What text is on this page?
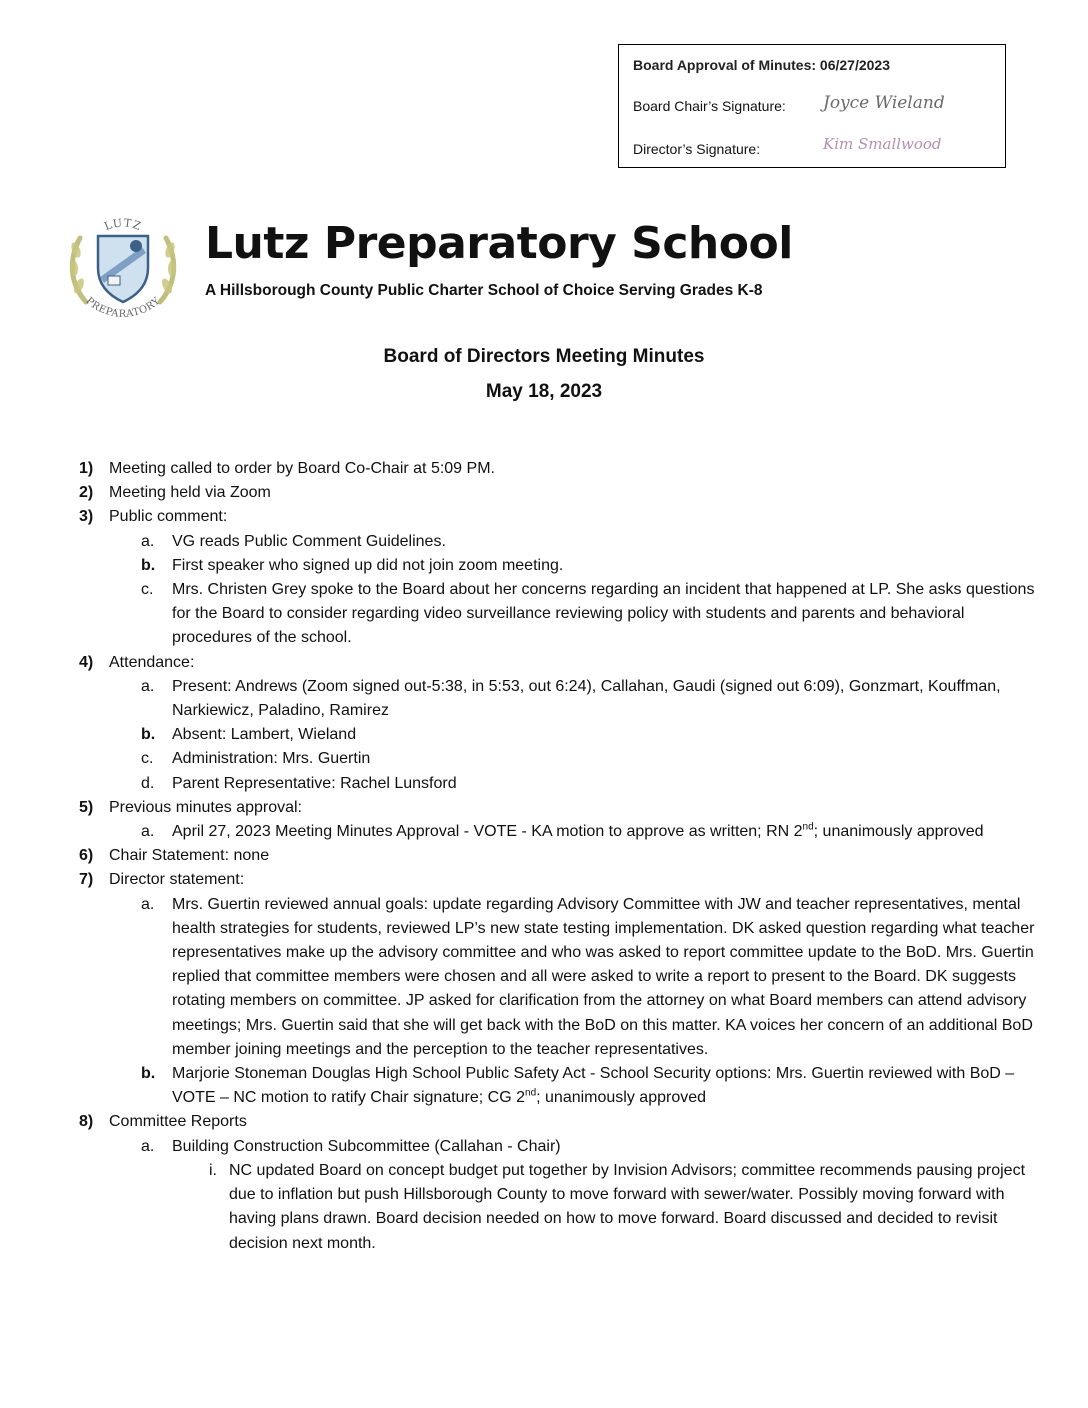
Board Approval of Minutes: 06/27/2023
Board Chair’s Signature: Joyce Wieland
Director’s Signature:	Kim Smallwood
LUTZ
PREPARATORY
Lutz Preparatory School
A Hillsborough County Public Charter School of Choice Serving Grades K-8
Board of Directors Meeting Minutes
May 18, 2023
1) Meeting called to order by Board Co-Chair at 5:09 PM.
2) Meeting held via Zoom
3) Public comment:
a. VG reads Public Comment Guidelines.
b. First speaker who signed up did not join zoom meeting.
c. Mrs. Christen Grey spoke to the Board about her concerns regarding an incident that happened at LP. She asks questions for the Board to consider regarding video surveillance reviewing policy with students and parents and behavioral procedures of the school.
4) Attendance:
a. Present: Andrews (Zoom signed out-5:38, in 5:53, out 6:24), Callahan, Gaudi (signed out 6:09), Gonzmart, Kouffman, Narkiewicz, Paladino, Ramirez
b. Absent: Lambert, Wieland
c. Administration: Mrs. Guertin
d. Parent Representative: Rachel Lunsford
5) Previous minutes approval:
a. April 27, 2023 Meeting Minutes Approval - VOTE - KA motion to approve as written; RN 2nd; unanimously approved
6) Chair Statement: none
7) Director statement:
a. Mrs. Guertin reviewed annual goals: update regarding Advisory Committee with JW and teacher representatives, mental health strategies for students, reviewed LP’s new state testing implementation. DK asked question regarding what teacher representatives make up the advisory committee and who was asked to report committee update to the BoD. Mrs. Guertin replied that committee members were chosen and all were asked to write a report to present to the Board. DK suggests rotating members on committee. JP asked for clarification from the attorney on what Board members can attend advisory meetings; Mrs. Guertin said that she will get back with the BoD on this matter. KA voices her concern of an additional BoD member joining meetings and the perception to the teacher representatives.
b. Marjorie Stoneman Douglas High School Public Safety Act - School Security options: Mrs. Guertin reviewed with BoD – VOTE – NC motion to ratify Chair signature; CG 2nd; unanimously approved
8) Committee Reports
a. Building Construction Subcommittee (Callahan - Chair)
i. NC updated Board on concept budget put together by Invision Advisors; committee recommends pausing project due to inflation but push Hillsborough County to move forward with sewer/water. Possibly moving forward with having plans drawn. Board decision needed on how to move forward. Board discussed and decided to revisit decision next month.
